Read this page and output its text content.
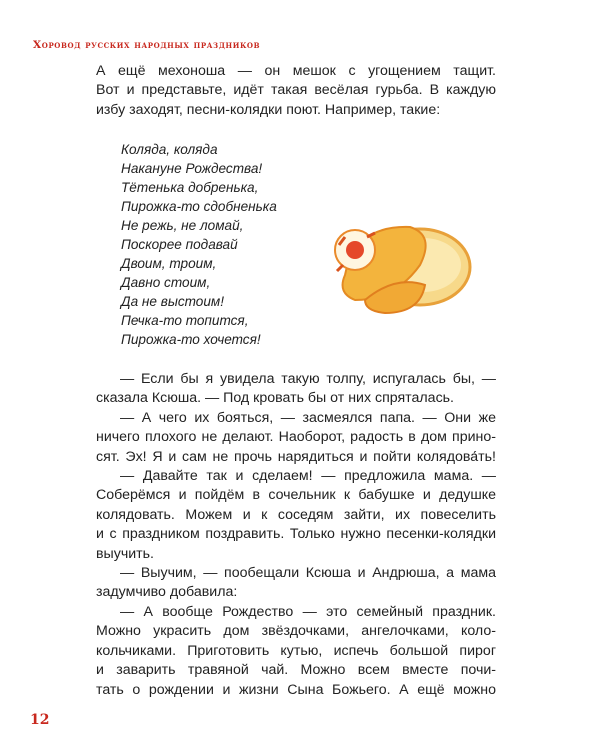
Хоровод русских народных праздников
А ещё мехоноша — он мешок с угощением тащит.
Вот и представьте, идёт такая весёлая гурьба. В каждую
избу заходят, песни-колядки поют. Например, такие:
Коляда, коляда
Накануне Рождества!
Тётенька добренька,
Пирожка-то сдобненька
Не режь, не ломай,
Поскорее подавай
Двоим, троим,
Давно стоим,
Да не выстоим!
Печка-то топится,
Пирожка-то хочется!
— Если бы я увидела такую толпу, испугалась бы, —
сказала Ксюша. — Под кровать бы от них спряталась.
— А чего их бояться, — засмеялся папа. — Они же
ничего плохого не делают. Наоборот, радость в дом прино-
сят. Эх! Я и сам не прочь нарядиться и пойти колядова́ть!
— Давайте так и сделаем! — предложила мама. —
Соберёмся и пойдём в сочельник к бабушке и дедушке
колядовать. Можем и к соседям зайти, их повеселить
и с праздником поздравить. Только нужно песенки-колядки
выучить.
— Выучим, — пообещали Ксюша и Андрюша, а мама
задумчиво добавила:
— А вообще Рождество — это семейный праздник.
Можно украсить дом звёздочками, ангелочками, коло-
кольчиками. Приготовить кутью, испечь большой пирог
и заварить травяной чай. Можно всем вместе почи-
тать о рождении и жизни Сына Божьего. А ещё можно
12
